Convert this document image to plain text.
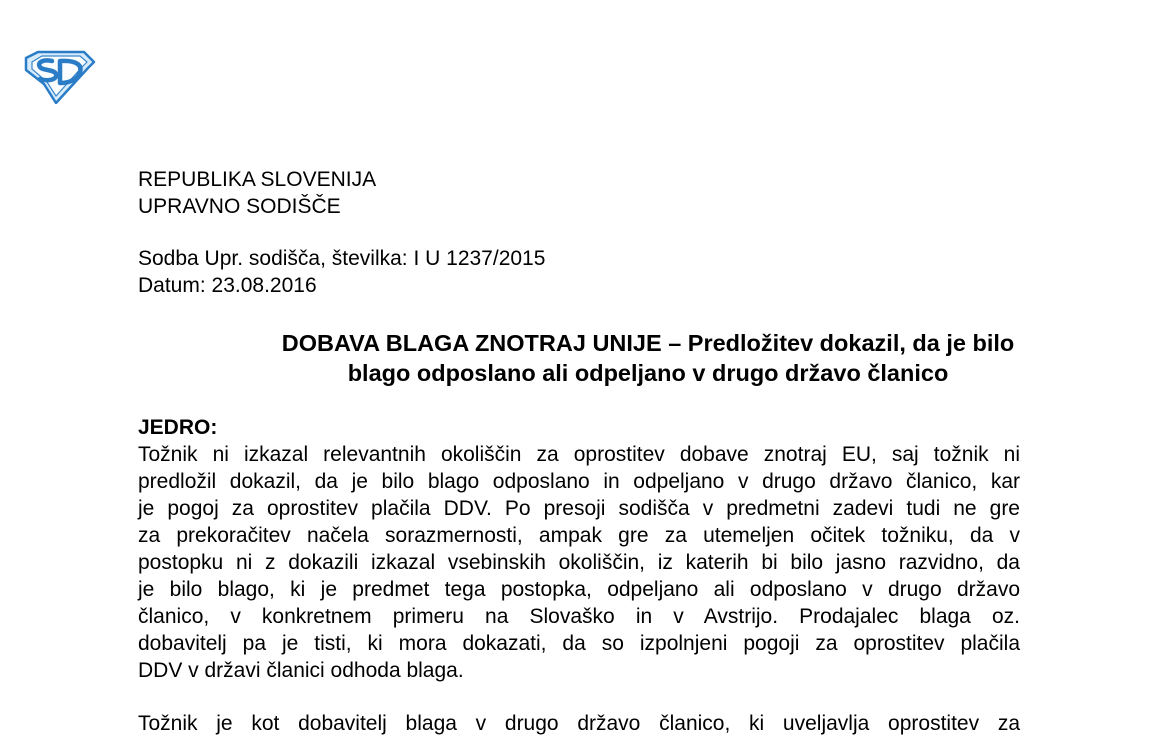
REPUBLIKA SLOVENIJA
UPRAVNO SODIŠČE
Sodba Upr. sodišča, številka: I U 1237/2015
Datum: 23.08.2016
DOBAVA BLAGA ZNOTRAJ UNIJE – Predložitev dokazil, da je bilo
blago odposlano ali odpeljano v drugo državo članico
JEDRO:
Tožnik ni izkazal relevantnih okoliščin za oprostitev dobave znotraj EU, saj tožnik ni
predložil dokazil, da je bilo blago odposlano in odpeljano v drugo državo članico, kar
je pogoj za oprostitev plačila DDV. Po presoji sodišča v predmetni zadevi tudi ne gre
za prekoračitev načela sorazmernosti, ampak gre za utemeljen očitek tožniku, da v
postopku ni z dokazili izkazal vsebinskih okoliščin, iz katerih bi bilo jasno razvidno, da
je bilo blago, ki je predmet tega postopka, odpeljano ali odposlano v drugo državo
članico, v konkretnem primeru na Slovaško in v Avstrijo. Prodajalec blaga oz.
dobavitelj pa je tisti, ki mora dokazati, da so izpolnjeni pogoji za oprostitev plačila
DDV v državi članici odhoda blaga.
Tožnik je kot dobavitelj blaga v drugo državo članico, ki uveljavlja oprostitev za
